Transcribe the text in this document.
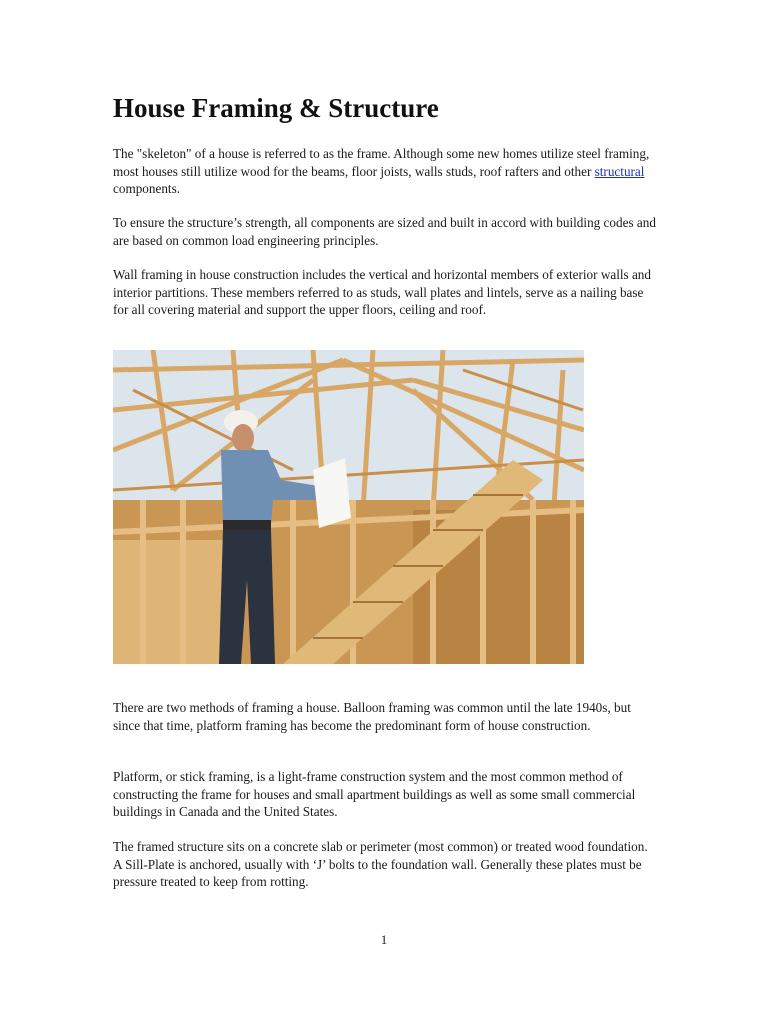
House Framing & Structure

The "skeleton" of a house is referred to as the frame. Although some new homes utilize steel framing, most houses still utilize wood for the beams, floor joists, walls studs, roof rafters and other structural components.

To ensure the structure’s strength, all components are sized and built in accord with building codes and are based on common load engineering principles.

Wall framing in house construction includes the vertical and horizontal members of exterior walls and interior partitions. These members referred to as studs, wall plates and lintels, serve as a nailing base for all covering material and support the upper floors, ceiling and roof.

There are two methods of framing a house. Balloon framing was common until the late 1940s, but since that time, platform framing has become the predominant form of house construction.

Platform, or stick framing, is a light-frame construction system and the most common method of constructing the frame for houses and small apartment buildings as well as some small commercial buildings in Canada and the United States.

The framed structure sits on a concrete slab or perimeter (most common) or treated wood foundation. A Sill-Plate is anchored, usually with ‘J’ bolts to the foundation wall. Generally these plates must be pressure treated to keep from rotting.

1
